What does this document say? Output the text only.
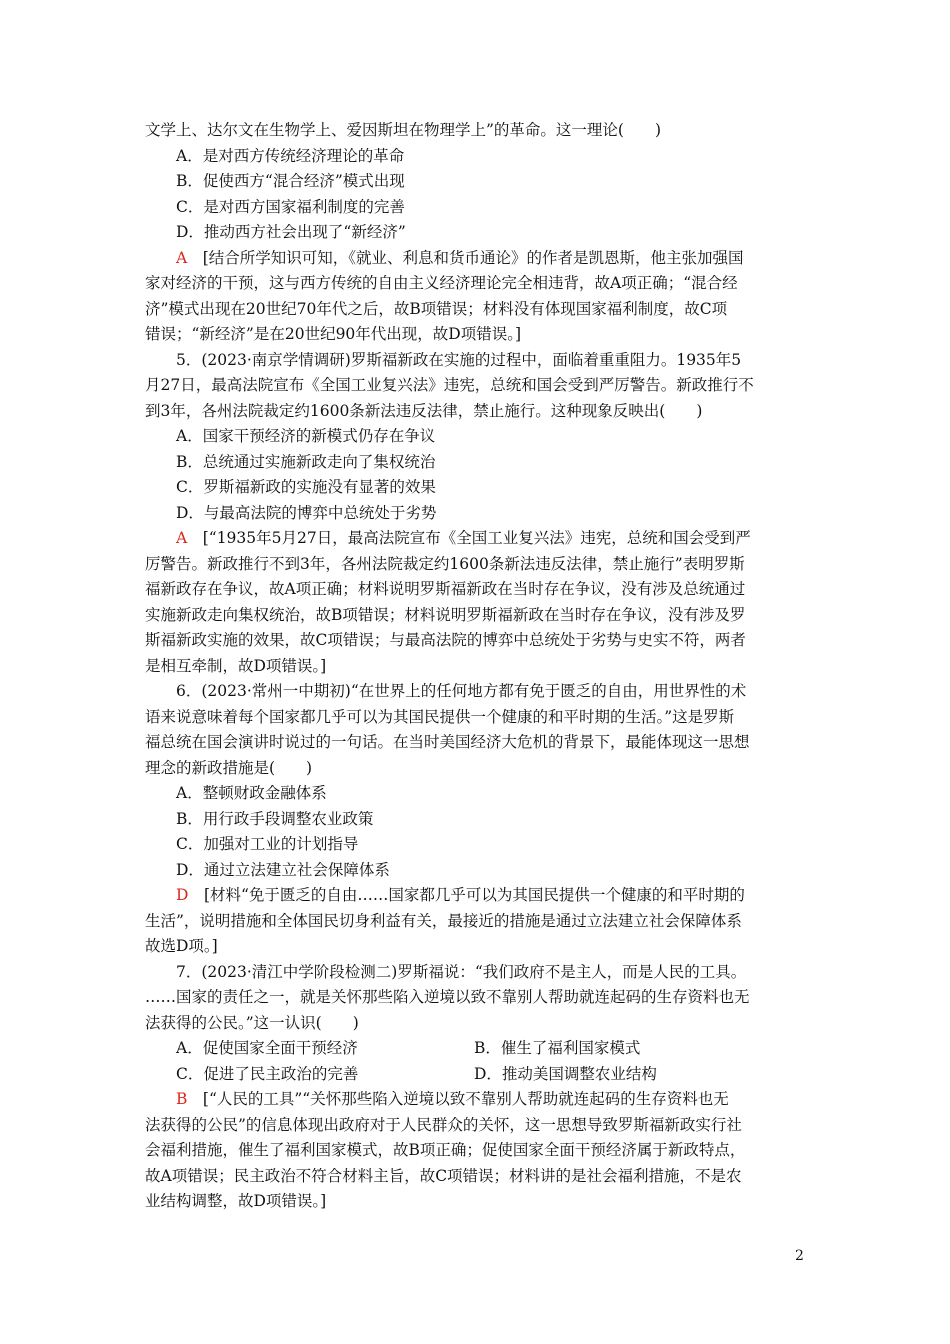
文学上、达尔文在生物学上、爱因斯坦在物理学上”的革命。这一理论(　　)
A．是对西方传统经济理论的革命
B．促使西方“混合经济”模式出现
C．是对西方国家福利制度的完善
D．推动西方社会出现了“新经济”
A　 [结合所学知识可知，《就业、利息和货币通论》的作者是凯恩斯，他主张加强国
家对经济的干预，这与西方传统的自由主义经济理论完全相违背，故A项正确；“混合经
济”模式出现在20世纪70年代之后，故B项错误；材料没有体现国家福利制度，故C项
错误；“新经济”是在20世纪90年代出现，故D项错误。]
5．(2023·南京学情调研)罗斯福新政在实施的过程中，面临着重重阻力。1935年5
月27日，最高法院宣布《全国工业复兴法》违宪，总统和国会受到严厉警告。新政推行不
到3年，各州法院裁定约1600条新法违反法律，禁止施行。这种现象反映出(　　)
A．国家干预经济的新模式仍存在争议
B．总统通过实施新政走向了集权统治
C．罗斯福新政的实施没有显著的效果
D．与最高法院的博弈中总统处于劣势
A　 [“1935年5月27日，最高法院宣布《全国工业复兴法》违宪，总统和国会受到严
厉警告。新政推行不到3年，各州法院裁定约1600条新法违反法律，禁止施行”表明罗斯
福新政存在争议，故A项正确；材料说明罗斯福新政在当时存在争议，没有涉及总统通过
实施新政走向集权统治，故B项错误；材料说明罗斯福新政在当时存在争议，没有涉及罗
斯福新政实施的效果，故C项错误；与最高法院的博弈中总统处于劣势与史实不符，两者
是相互牵制，故D项错误。]
6．(2023·常州一中期初)“在世界上的任何地方都有免于匮乏的自由，用世界性的术
语来说意味着每个国家都几乎可以为其国民提供一个健康的和平时期的生活。”这是罗斯
福总统在国会演讲时说过的一句话。在当时美国经济大危机的背景下，最能体现这一思想
理念的新政措施是(　　)
A．整顿财政金融体系
B．用行政手段调整农业政策
C．加强对工业的计划指导
D．通过立法建立社会保障体系
D　 [材料“免于匮乏的自由……国家都几乎可以为其国民提供一个健康的和平时期的
生活”，说明措施和全体国民切身利益有关，最接近的措施是通过立法建立社会保障体系
故选D项。]
7．(2023·清江中学阶段检测二)罗斯福说：“我们政府不是主人，而是人民的工具。
……国家的责任之一，就是关怀那些陷入逆境以致不靠别人帮助就连起码的生存资料也无
法获得的公民。”这一认识(　　)
A．促使国家全面干预经济	B．催生了福利国家模式
C．促进了民主政治的完善	D．推动美国调整农业结构
B　 [“人民的工具”“关怀那些陷入逆境以致不靠别人帮助就连起码的生存资料也无
法获得的公民”的信息体现出政府对于人民群众的关怀，这一思想导致罗斯福新政实行社
会福利措施，催生了福利国家模式，故B项正确；促使国家全面干预经济属于新政特点，
故A项错误；民主政治不符合材料主旨，故C项错误；材料讲的是社会福利措施，不是农
业结构调整，故D项错误。]
2
